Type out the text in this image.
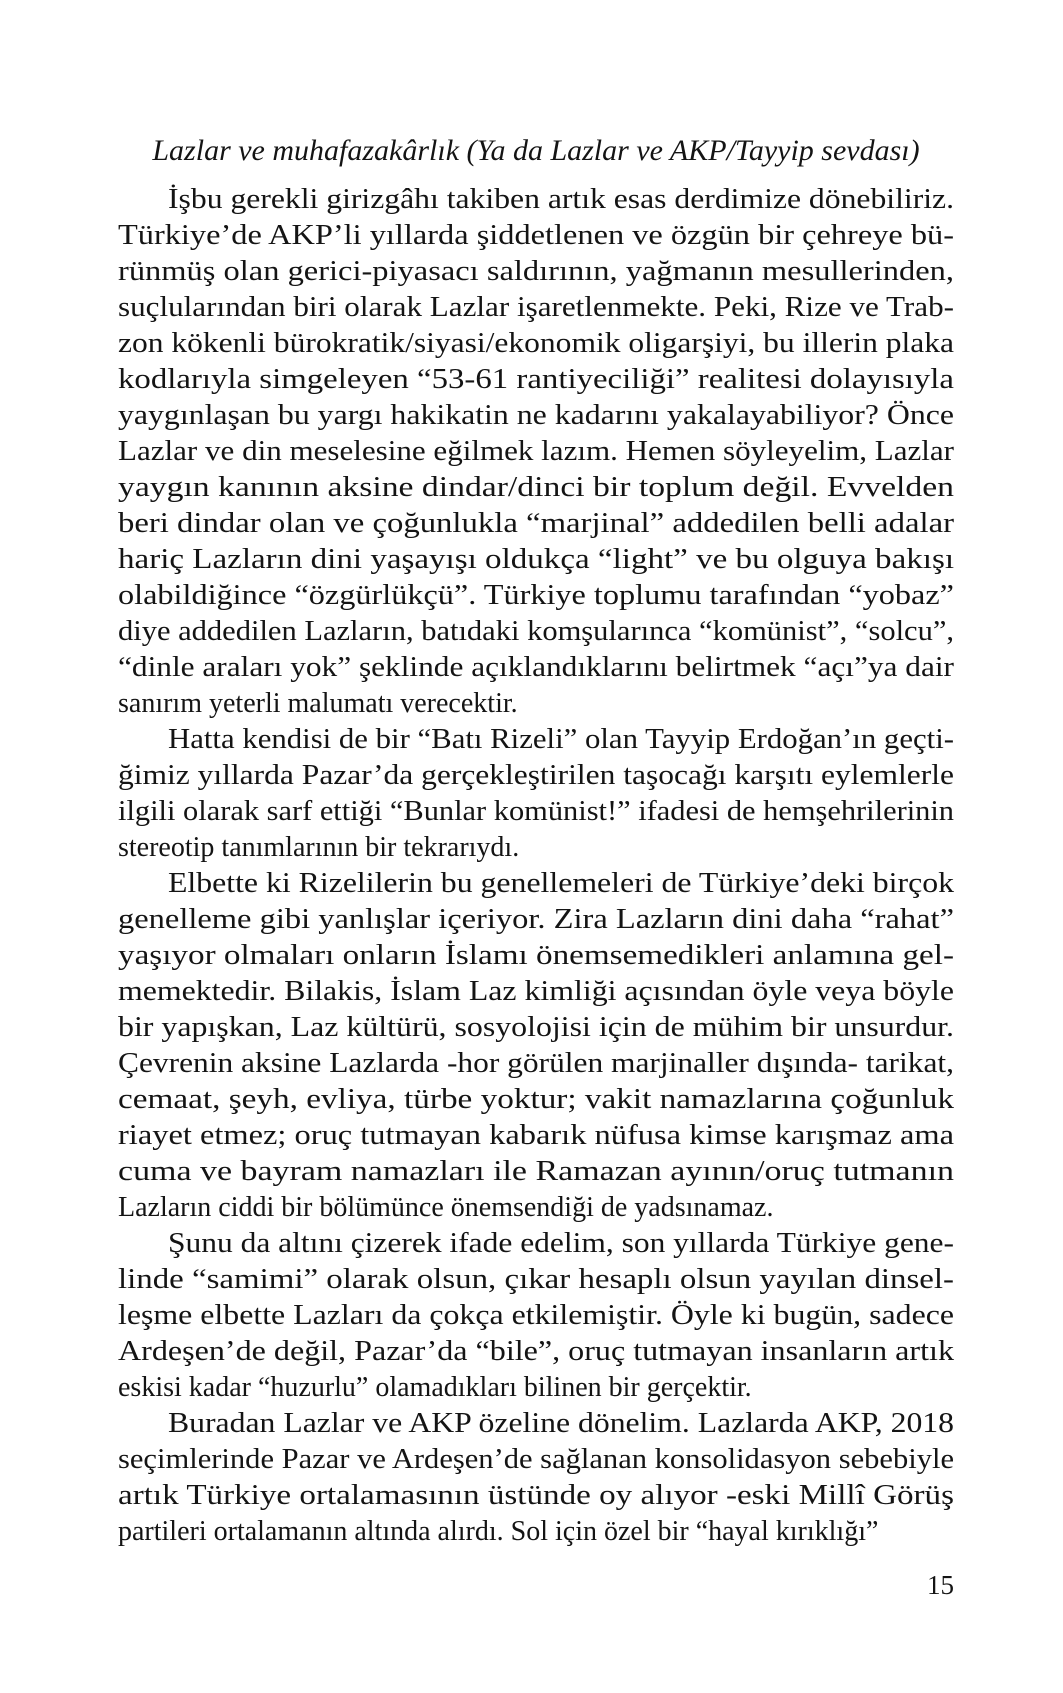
Lazlar ve muhafazakârlık (Ya da Lazlar ve AKP/Tayyip sevdası)
İşbu gerekli girizgâhı takiben artık esas derdimize dönebiliriz.
Türkiye’de AKP’li yıllarda şiddetlenen ve özgün bir çehreye bü-
rünmüş olan gerici-piyasacı saldırının, yağmanın mesullerinden,
suçlularından biri olarak Lazlar işaretlenmekte. Peki, Rize ve Trab-
zon kökenli bürokratik/siyasi/ekonomik oligarşiyi, bu illerin plaka
kodlarıyla simgeleyen “53-61 rantiyeciliği” realitesi dolayısıyla
yaygınlaşan bu yargı hakikatin ne kadarını yakalayabiliyor? Önce
Lazlar ve din meselesine eğilmek lazım. Hemen söyleyelim, Lazlar
yaygın kanının aksine dindar/dinci bir toplum değil. Evvelden
beri dindar olan ve çoğunlukla “marjinal” addedilen belli adalar
hariç Lazların dini yaşayışı oldukça “light” ve bu olguya bakışı
olabildiğince “özgürlükçü”. Türkiye toplumu tarafından “yobaz”
diye addedilen Lazların, batıdaki komşularınca “komünist”, “solcu”,
“dinle araları yok” şeklinde açıklandıklarını belirtmek “açı”ya dair
sanırım yeterli malumatı verecektir.
Hatta kendisi de bir “Batı Rizeli” olan Tayyip Erdoğan’ın geçti-
ğimiz yıllarda Pazar’da gerçekleştirilen taşocağı karşıtı eylemlerle
ilgili olarak sarf ettiği “Bunlar komünist!” ifadesi de hemşehrilerinin
stereotip tanımlarının bir tekrarıydı.
Elbette ki Rizelilerin bu genellemeleri de Türkiye’deki birçok
genelleme gibi yanlışlar içeriyor. Zira Lazların dini daha “rahat”
yaşıyor olmaları onların İslamı önemsemedikleri anlamına gel-
memektedir. Bilakis, İslam Laz kimliği açısından öyle veya böyle
bir yapışkan, Laz kültürü, sosyolojisi için de mühim bir unsurdur.
Çevrenin aksine Lazlarda -hor görülen marjinaller dışında- tarikat,
cemaat, şeyh, evliya, türbe yoktur; vakit namazlarına çoğunluk
riayet etmez; oruç tutmayan kabarık nüfusa kimse karışmaz ama
cuma ve bayram namazları ile Ramazan ayının/oruç tutmanın
Lazların ciddi bir bölümünce önemsendiği de yadsınamaz.
Şunu da altını çizerek ifade edelim, son yıllarda Türkiye gene-
linde “samimi” olarak olsun, çıkar hesaplı olsun yayılan dinsel-
leşme elbette Lazları da çokça etkilemiştir. Öyle ki bugün, sadece
Ardeşen’de değil, Pazar’da “bile”, oruç tutmayan insanların artık
eskisi kadar “huzurlu” olamadıkları bilinen bir gerçektir.
Buradan Lazlar ve AKP özeline dönelim. Lazlarda AKP, 2018
seçimlerinde Pazar ve Ardeşen’de sağlanan konsolidasyon sebebiyle
artık Türkiye ortalamasının üstünde oy alıyor -eski Millî Görüş
partileri ortalamanın altında alırdı. Sol için özel bir “hayal kırıklığı”
15
